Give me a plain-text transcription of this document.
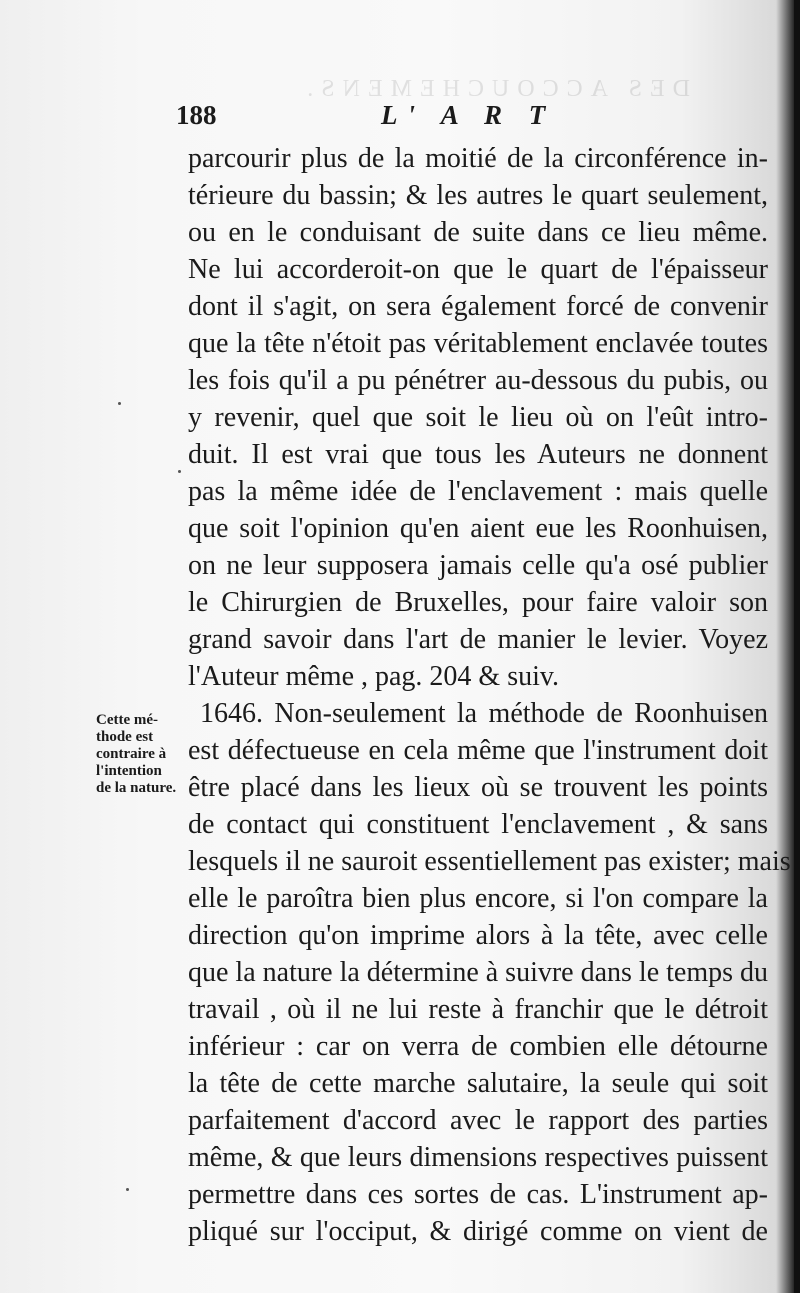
DES ACCOUCHEMENS.
188	L' A R T
Cette mé-
thode est
contraire à
l'intention
de la nature.
parcourir plus de la moitié de la circonférence in-
térieure du bassin; & les autres le quart seulement,
ou en le conduisant de suite dans ce lieu même.
Ne lui accorderoit-on que le quart de l'épaisseur
dont il s'agit, on sera également forcé de convenir
que la tête n'étoit pas véritablement enclavée toutes
les fois qu'il a pu pénétrer au-dessous du pubis, ou
y revenir, quel que soit le lieu où on l'eût intro-
duit. Il est vrai que tous les Auteurs ne donnent
pas la même idée de l'enclavement : mais quelle
que soit l'opinion qu'en aient eue les Roonhuisen,
on ne leur supposera jamais celle qu'a osé publier
le Chirurgien de Bruxelles, pour faire valoir son
grand savoir dans l'art de manier le levier. Voyez
l'Auteur même , pag. 204 & suiv.
1646. Non-seulement la méthode de Roonhuisen
est défectueuse en cela même que l'instrument doit
être placé dans les lieux où se trouvent les points
de contact qui constituent l'enclavement , & sans
lesquels il ne sauroit essentiellement pas exister; mais
elle le paroîtra bien plus encore, si l'on compare la
direction qu'on imprime alors à la tête, avec celle
que la nature la détermine à suivre dans le temps du
travail , où il ne lui reste à franchir que le détroit
inférieur : car on verra de combien elle détourne
la tête de cette marche salutaire, la seule qui soit
parfaitement d'accord avec le rapport des parties
même, & que leurs dimensions respectives puissent
permettre dans ces sortes de cas. L'instrument ap-
pliqué sur l'occiput, & dirigé comme on vient de
